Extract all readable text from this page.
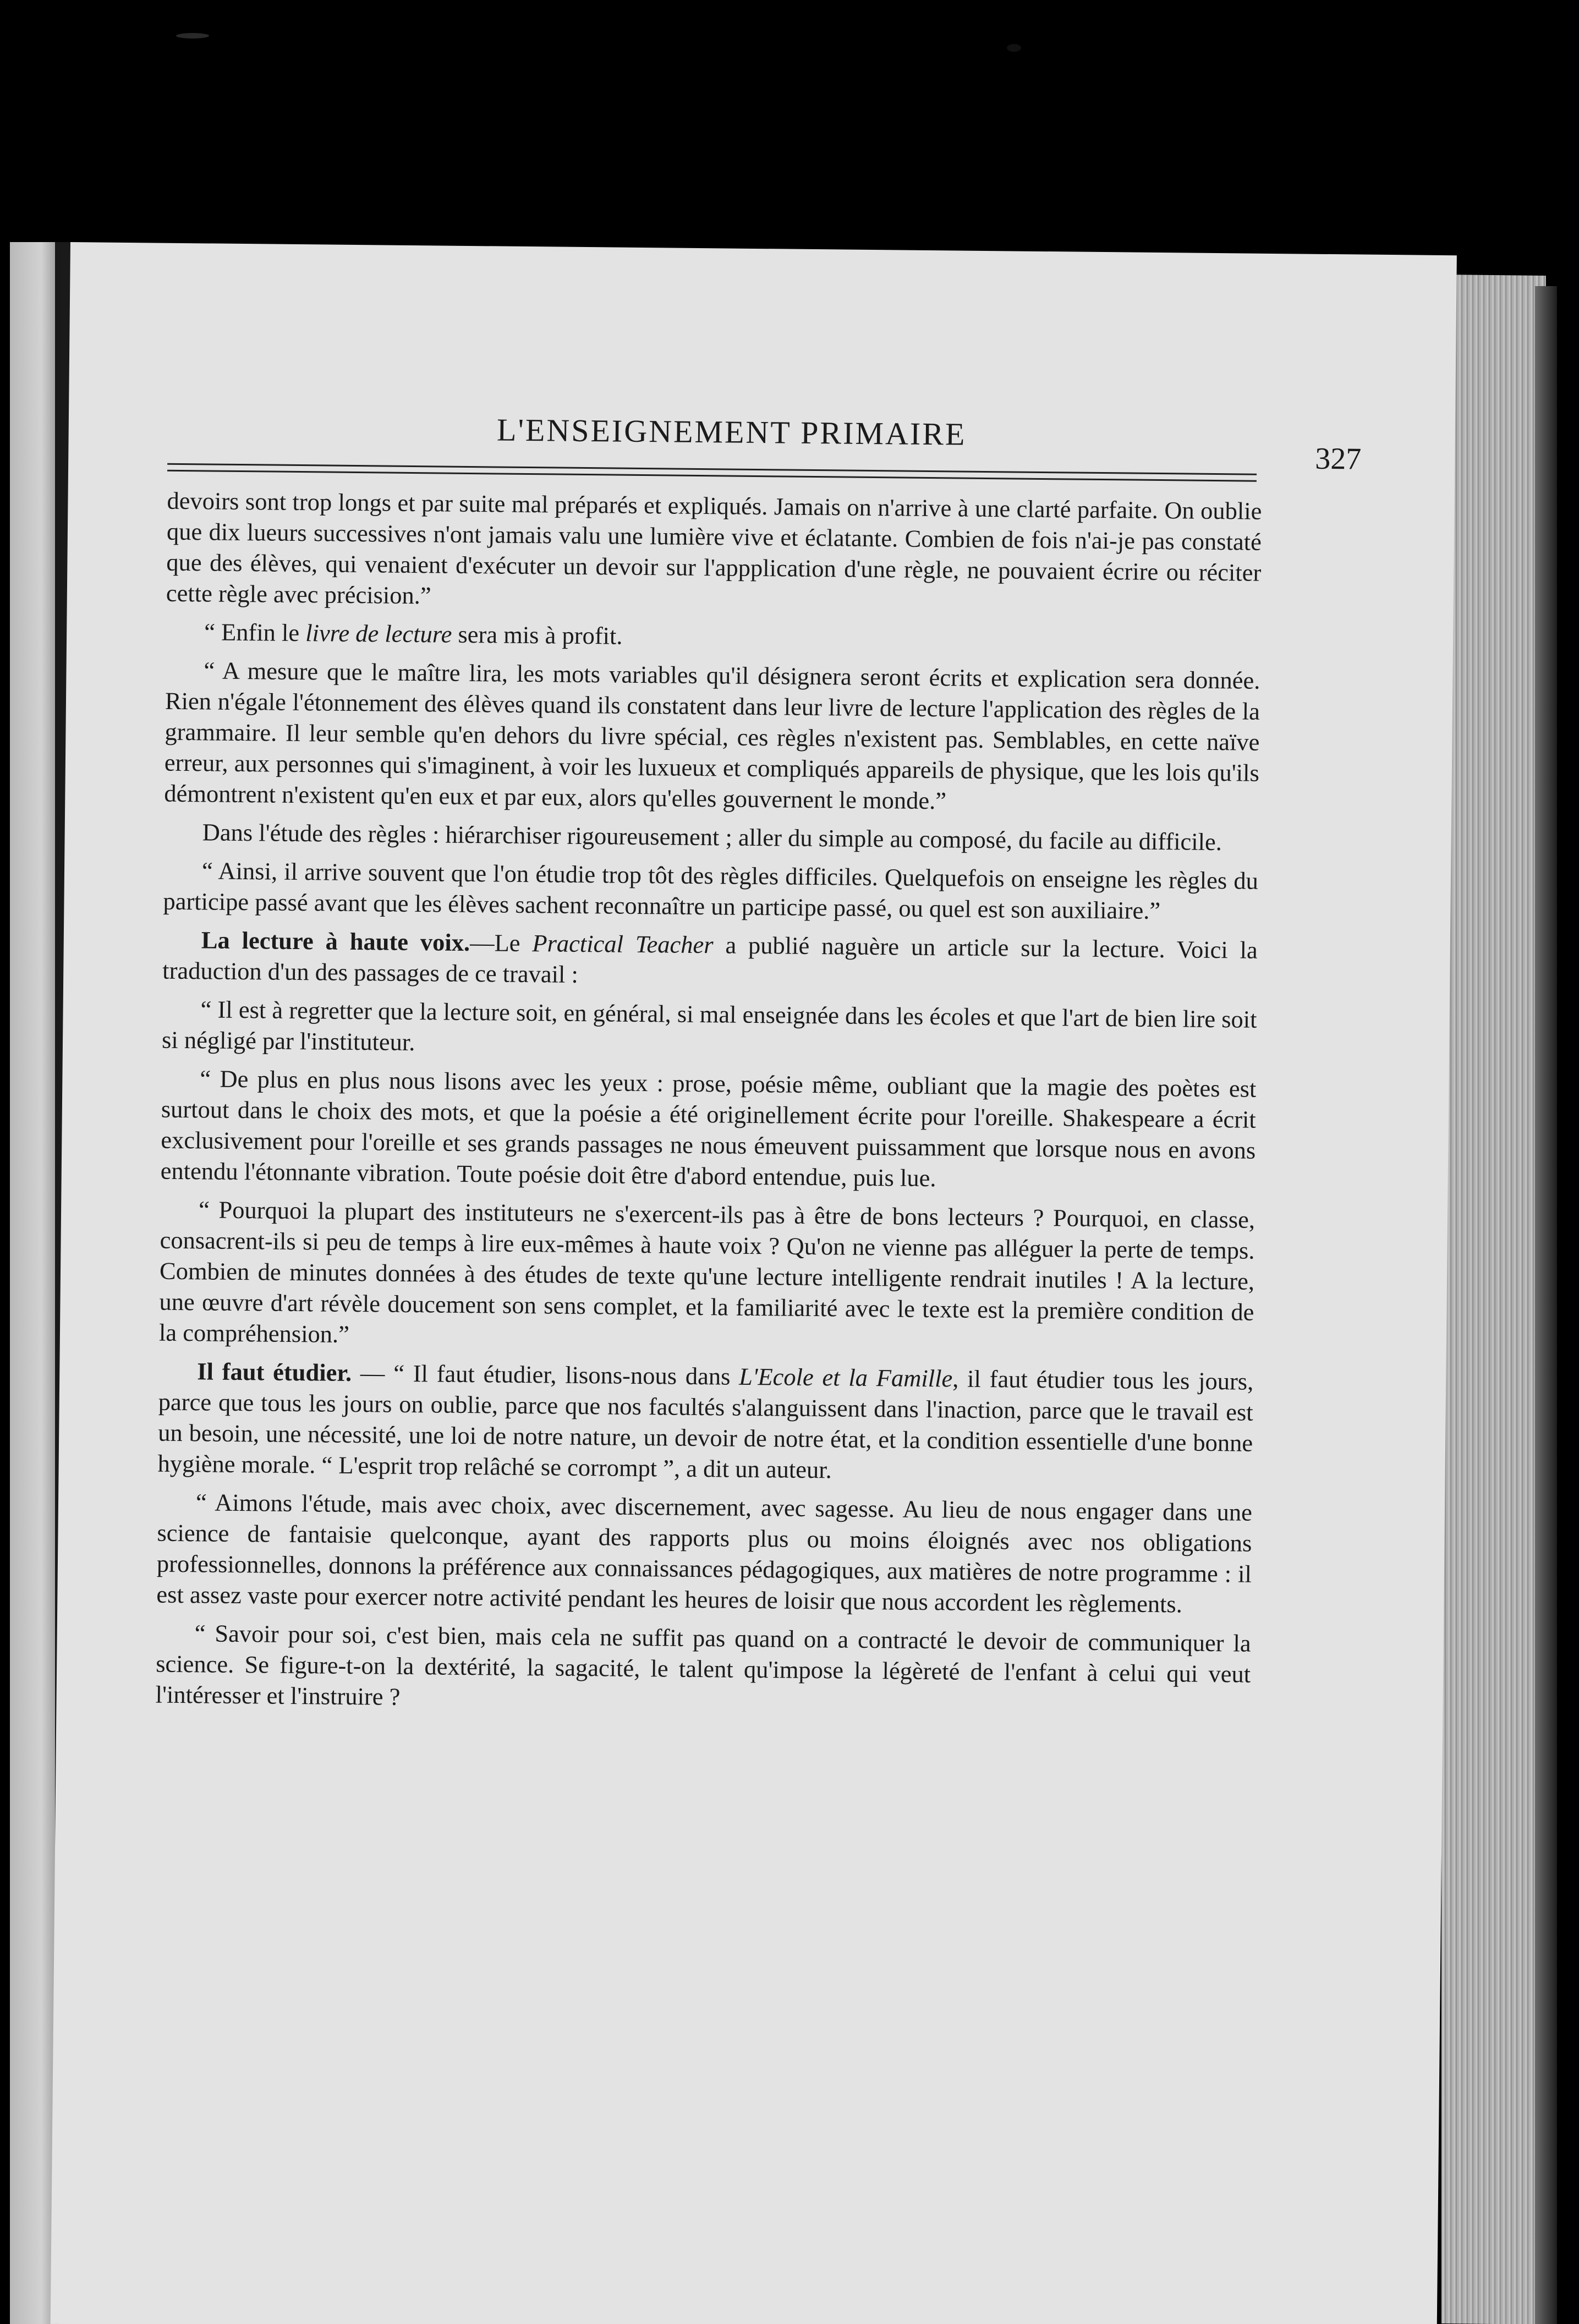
L'ENSEIGNEMENT PRIMAIRE

327

devoirs sont trop longs et par suite mal préparés et expliqués. Jamais on n'arrive à une clarté parfaite. On oublie que dix lueurs successives n'ont jamais valu une lumière vive et éclatante. Combien de fois n'ai-je pas constaté que des élèves, qui venaient d'exécuter un devoir sur l'appplication d'une règle, ne pouvaient écrire ou réciter cette règle avec précision.”

“ Enfin le livre de lecture sera mis à profit.

“ A mesure que le maître lira, les mots variables qu'il désignera seront écrits et explication sera donnée. Rien n'égale l'étonnement des élèves quand ils constatent dans leur livre de lecture l'application des règles de la grammaire. Il leur semble qu'en dehors du livre spécial, ces règles n'existent pas. Semblables, en cette naïve erreur, aux personnes qui s'imaginent, à voir les luxueux et compliqués appareils de physique, que les lois qu'ils démontrent n'existent qu'en eux et par eux, alors qu'elles gouvernent le monde.”

Dans l'étude des règles : hiérarchiser rigoureusement ; aller du simple au composé, du facile au difficile.

“ Ainsi, il arrive souvent que l'on étudie trop tôt des règles difficiles. Quelquefois on enseigne les règles du participe passé avant que les élèves sachent reconnaître un participe passé, ou quel est son auxiliaire.”

La lecture à haute voix.—Le Practical Teacher a publié naguère un article sur la lecture. Voici la traduction d'un des passages de ce travail :

“ Il est à regretter que la lecture soit, en général, si mal enseignée dans les écoles et que l'art de bien lire soit si négligé par l'instituteur.

“ De plus en plus nous lisons avec les yeux : prose, poésie même, oubliant que la magie des poètes est surtout dans le choix des mots, et que la poésie a été originellement écrite pour l'oreille. Shakespeare a écrit exclusivement pour l'oreille et ses grands passages ne nous émeuvent puissamment que lorsque nous en avons entendu l'étonnante vibration. Toute poésie doit être d'abord entendue, puis lue.

“ Pourquoi la plupart des instituteurs ne s'exercent-ils pas à être de bons lecteurs ? Pourquoi, en classe, consacrent-ils si peu de temps à lire eux-mêmes à haute voix ? Qu'on ne vienne pas alléguer la perte de temps. Combien de minutes données à des études de texte qu'une lecture intelligente rendrait inutiles ! A la lecture, une œuvre d'art révèle doucement son sens complet, et la familiarité avec le texte est la première condition de la compréhension.”

Il faut étudier. — “ Il faut étudier, lisons-nous dans L'Ecole et la Famille, il faut étudier tous les jours, parce que tous les jours on oublie, parce que nos facultés s'alanguissent dans l'inaction, parce que le travail est un besoin, une nécessité, une loi de notre nature, un devoir de notre état, et la condition essentielle d'une bonne hygiène morale. “ L'esprit trop relâché se corrompt ”, a dit un auteur.

“ Aimons l'étude, mais avec choix, avec discernement, avec sagesse. Au lieu de nous engager dans une science de fantaisie quelconque, ayant des rapports plus ou moins éloignés avec nos obligations professionnelles, donnons la préférence aux connaissances pédagogiques, aux matières de notre programme : il est assez vaste pour exercer notre activité pendant les heures de loisir que nous accordent les règlements.

“ Savoir pour soi, c'est bien, mais cela ne suffit pas quand on a contracté le devoir de communiquer la science. Se figure-t-on la dextérité, la sagacité, le talent qu'impose la légèreté de l'enfant à celui qui veut l'intéresser et l'instruire ?
